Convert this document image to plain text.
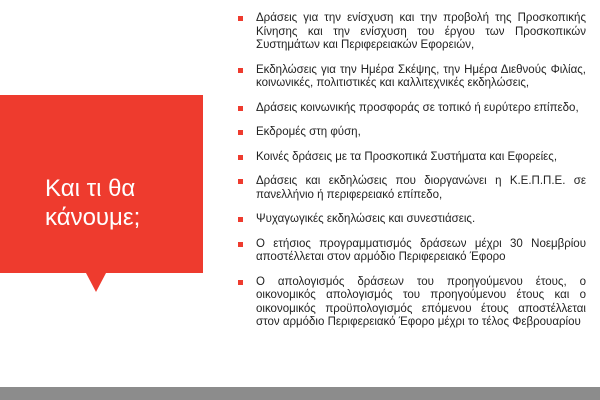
Και τι θα κάνουμε;
Δράσεις για την ενίσχυση και την προβολή της Προσκοπικής Κίνησης και την ενίσχυση του έργου των Προσκοπικών Συστημάτων και Περιφερειακών Εφορειών,
Εκδηλώσεις για την Ημέρα Σκέψης, την Ημέρα Διεθνούς Φιλίας, κοινωνικές, πολιτιστικές και καλλιτεχνικές εκδηλώσεις,
Δράσεις κοινωνικής προσφοράς σε τοπικό ή ευρύτερο επίπεδο,
Εκδρομές στη φύση,
Κοινές δράσεις με τα Προσκοπικά Συστήματα και Εφορείες,
Δράσεις και εκδηλώσεις που διοργανώνει η Κ.Ε.Π.Π.Ε. σε πανελλήνιο ή περιφερειακό επίπεδο,
Ψυχαγωγικές εκδηλώσεις και συνεστιάσεις.
Ο ετήσιος προγραμματισμός δράσεων μέχρι 30 Νοεμβρίου αποστέλλεται στον αρμόδιο Περιφερειακό Έφορο
Ο απολογισμός δράσεων του προηγούμενου έτους, ο οικονομικός απολογισμός του προηγούμενου έτους και ο οικονομικός προϋπολογισμός επόμενου έτους αποστέλλεται στον αρμόδιο Περιφερειακό Έφορο μέχρι το τέλος Φεβρουαρίου
